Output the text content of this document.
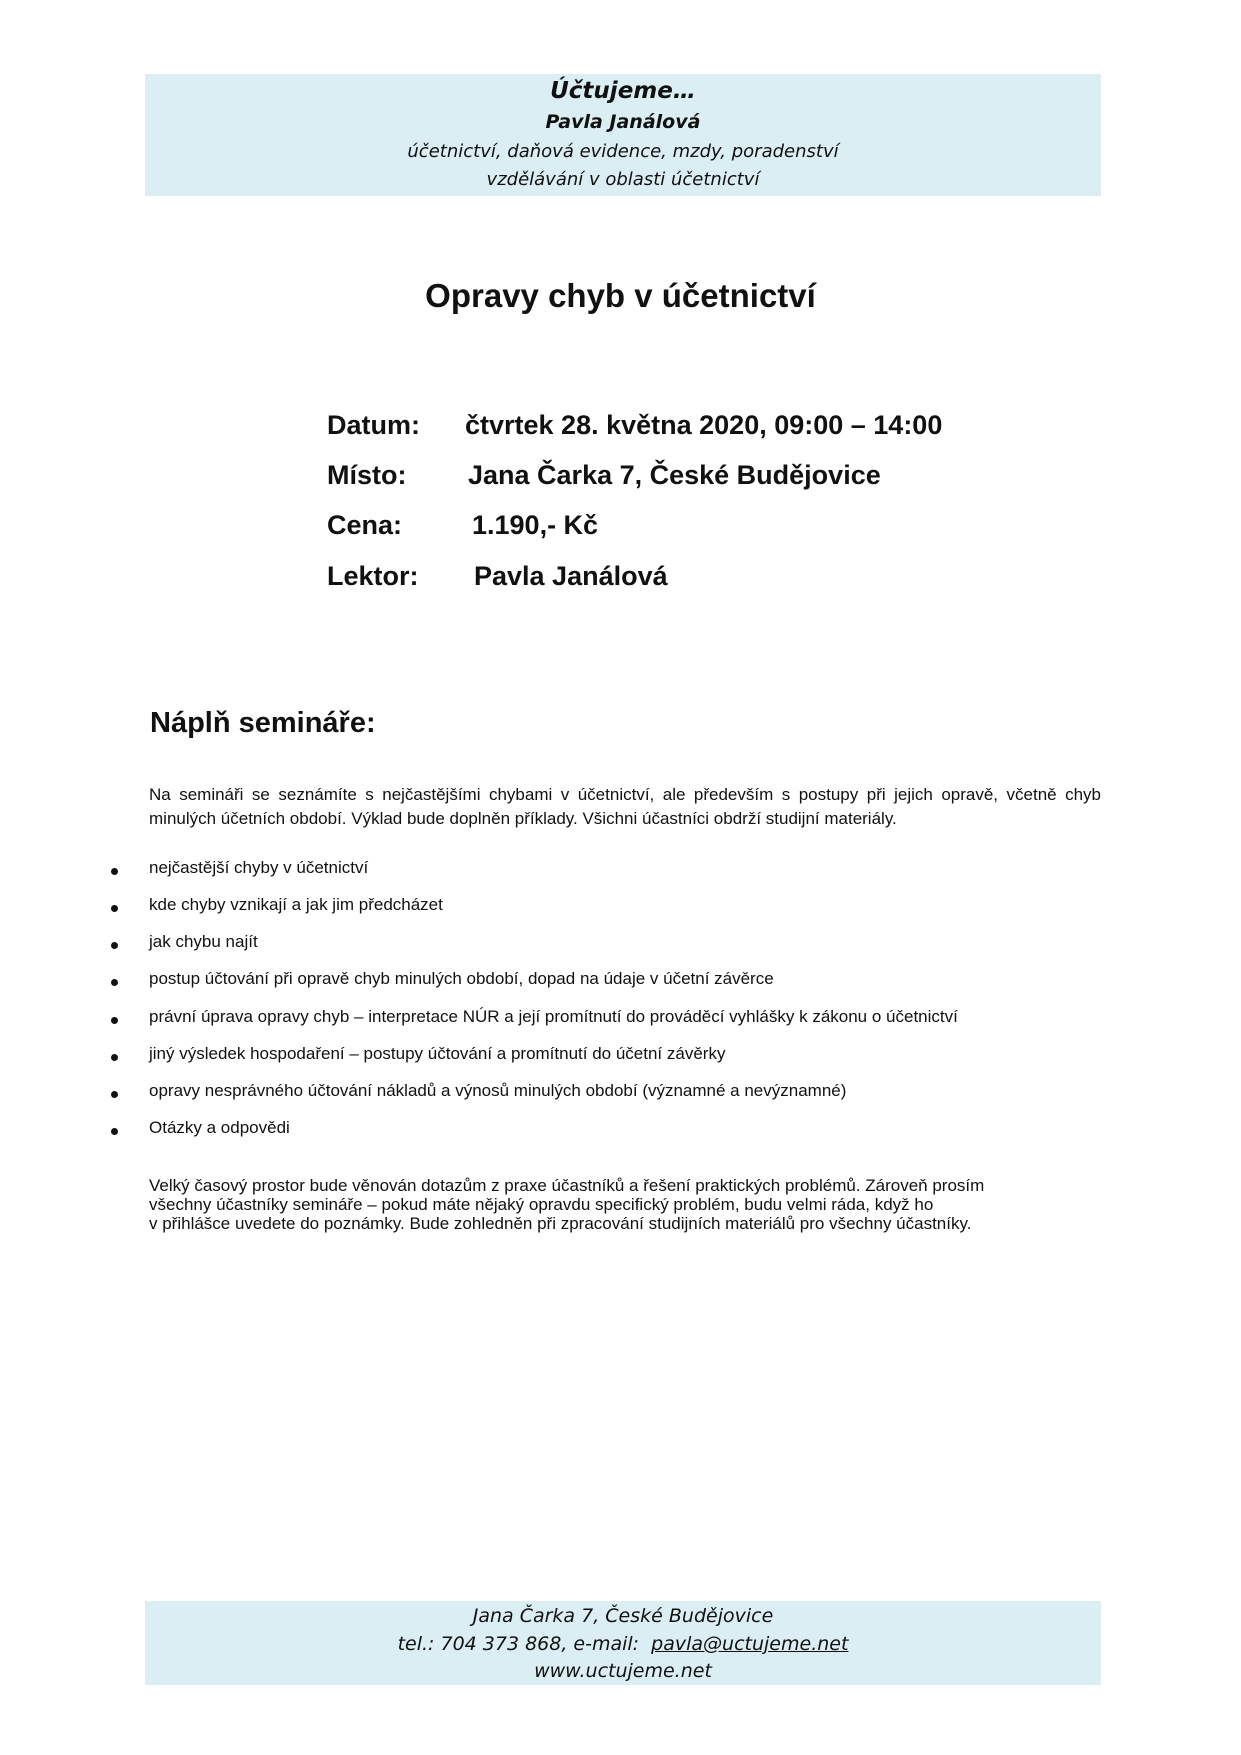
Účtujeme…
Pavla Janálová
účetnictví, daňová evidence, mzdy, poradenství
vzdělávání v oblasti účetnictví
Opravy chyb v účetnictví
Datum: čtvrtek 28. května 2020, 09:00 – 14:00
Místo: Jana Čarka 7, České Budějovice
Cena:	1.190,- Kč
Lektor: Pavla Janálová
Náplň semináře:
Na semináři se seznámíte s nejčastějšími chybami v účetnictví, ale především s postupy při jejich opravě, včetně chyb minulých účetních období. Výklad bude doplněn příklady. Všichni účastníci obdrží studijní materiály.
nejčastější chyby v účetnictví
kde chyby vznikají a jak jim předcházet
jak chybu najít
postup účtování při opravě chyb minulých období, dopad na údaje v účetní závěrce
právní úprava opravy chyb – interpretace NÚR a její promítnutí do prováděcí vyhlášky k zákonu o účetnictví
jiný výsledek hospodaření – postupy účtování a promítnutí do účetní závěrky
opravy nesprávného účtování nákladů a výnosů minulých období (významné a nevýznamné)
Otázky a odpovědi
Velký časový prostor bude věnován dotazům z praxe účastníků a řešení praktických problémů. Zároveň prosím
všechny účastníky semináře – pokud máte nějaký opravdu specifický problém, budu velmi ráda, když ho
v přihlášce uvedete do poznámky. Bude zohledněn při zpracování studijních materiálů pro všechny účastníky.
Jana Čarka 7, České Budějovice
tel.: 704 373 868, e-mail:  pavla@uctujeme.net
www.uctujeme.net
